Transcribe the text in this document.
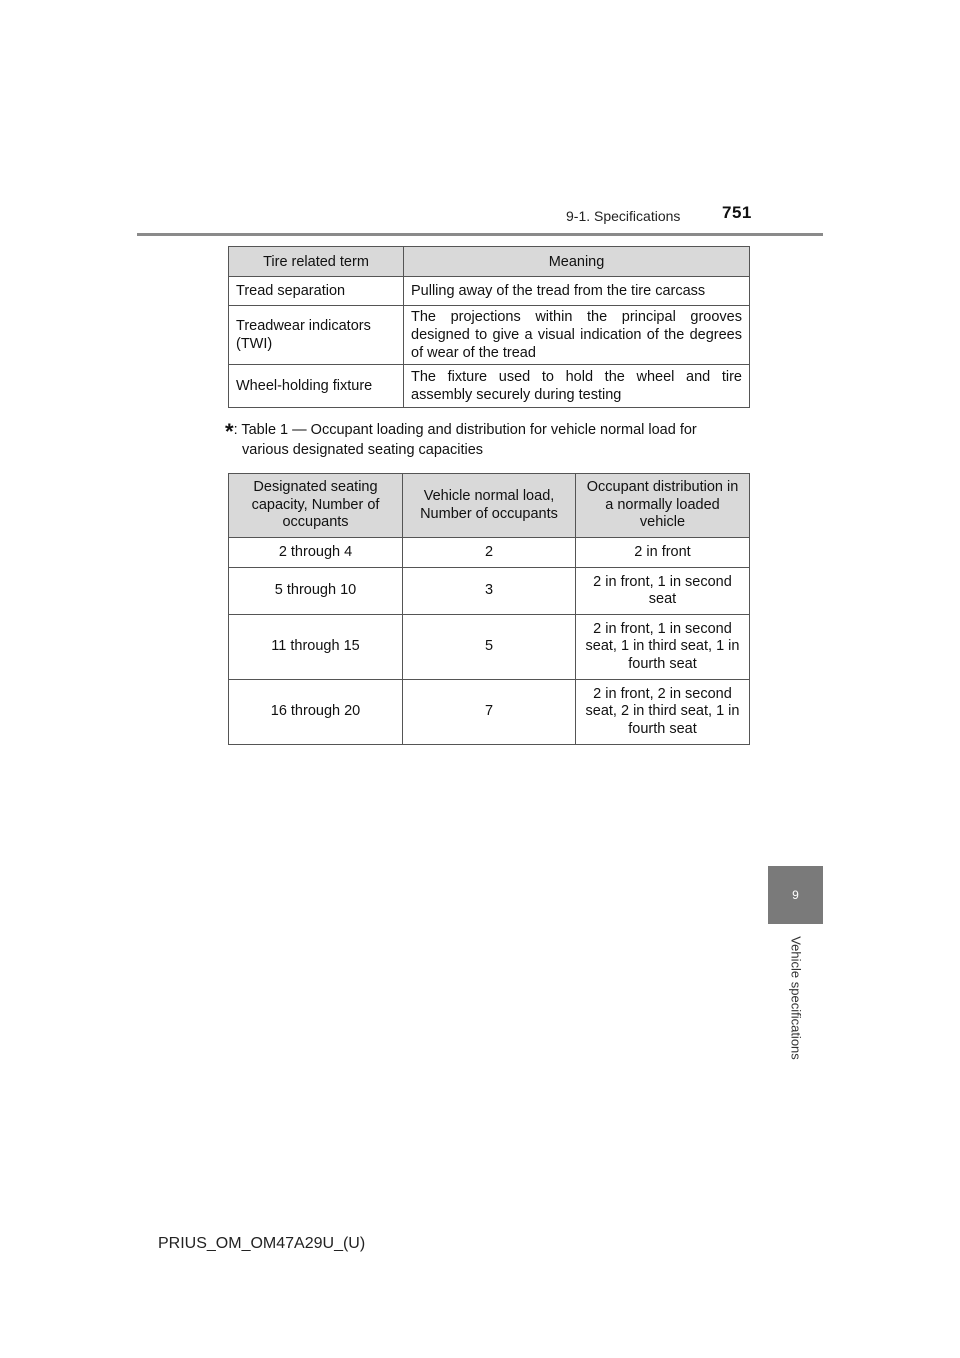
9-1. Specifications 751
Tire related term	Meaning
Tread separation	Pulling away of the tread from the tire carcass
Treadwear indicators (TWI)	The projections within the principal grooves designed to give a visual indication of the degrees of wear of the tread
Wheel-holding fixture	The fixture used to hold the wheel and tire assembly securely during testing
*: Table 1 — Occupant loading and distribution for vehicle normal load for
various designated seating capacities
Designated seating capacity, Number of occupants	Vehicle normal load, Number of occupants	Occupant distribution in a normally loaded vehicle
2 through 4	2	2 in front
5 through 10	3	2 in front, 1 in second seat
11 through 15	5	2 in front, 1 in second seat, 1 in third seat, 1 in fourth seat
16 through 20	7	2 in front, 2 in second seat, 2 in third seat, 1 in fourth seat
9
Vehicle specifications
PRIUS_OM_OM47A29U_(U)
